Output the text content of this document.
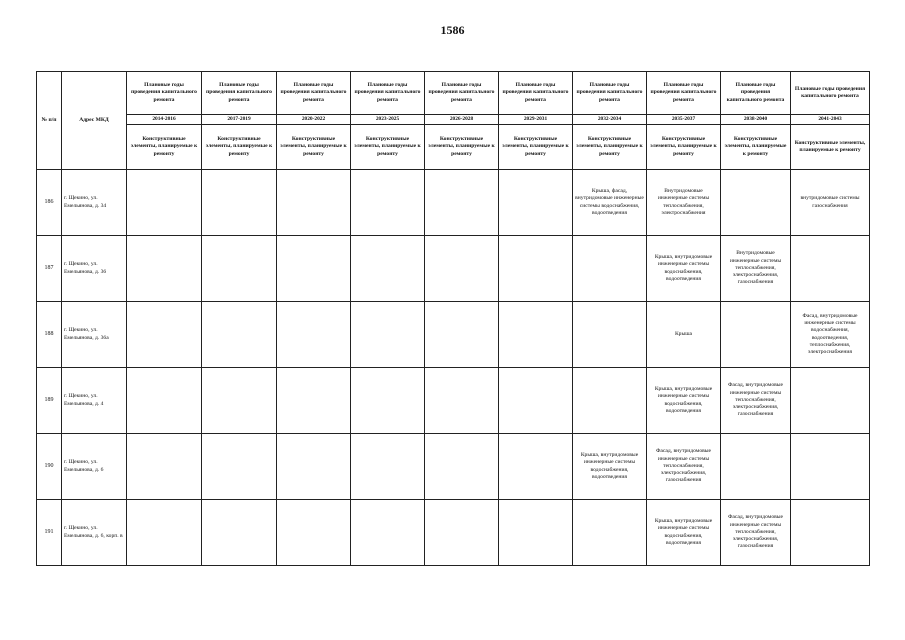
1586
№ п/п	Адрес МКД	Плановые годы проведения капитального ремонта	Плановые годы проведения капитального ремонта	Плановые годы проведения капитального ремонта	Плановые годы проведения капитального ремонта	Плановые годы проведения капитального ремонта	Плановые годы проведения капитального ремонта	Плановые годы проведения капитального ремонта	Плановые годы проведения капитального ремонта	Плановые годы проведения капитального ремонта	Плановые годы проведения капитального ремонта
		2014-2016	2017-2019	2020-2022	2023-2025	2026-2028	2029-2031	2032-2034	2035-2037	2038-2040	2041-2043
		Конструктивные элементы, планируемые к ремонту	Конструктивные элементы, планируемые к ремонту	Конструктивные элементы, планируемые к ремонту	Конструктивные элементы, планируемые к ремонту	Конструктивные элементы, планируемые к ремонту	Конструктивные элементы, планируемые к ремонту	Конструктивные элементы, планируемые к ремонту	Конструктивные элементы, планируемые к ремонту	Конструктивные элементы, планируемые к ремонту	Конструктивные элементы, планируемые к ремонту
186	г. Щекино, ул. Емельянова, д. 34							Крыша, фасад, внутридомовые инженерные системы водоснабжения, водоотведения	Внутридомовые инженерные системы теплоснабжения, электроснабжения		внутридомовые системы газоснабжения
187	г. Щекино, ул. Емельянова, д. 36								Крыша, внутридомовые инженерные системы водоснабжения, водоотведения	Внутридомовые инженерные системы теплоснабжения, электроснабжения, газоснабжения	
188	г. Щекино, ул. Емельянова, д. 36а								Крыша		Фасад, внутридомовые инженерные системы водоснабжения, водоотведения, теплоснабжения, электроснабжения
189	г. Щекино, ул. Емельянова, д. 4								Крыша, внутридомовые инженерные системы водоснабжения, водоотведения	Фасад, внутридомовые инженерные системы теплоснабжения, электроснабжения, газоснабжения	
190	г. Щекино, ул. Емельянова, д. 6							Крыша, внутридомовые инженерные системы водоснабжения, водоотведения	Фасад, внутридомовые инженерные системы теплоснабжения, электроснабжения, газоснабжения		
191	г. Щекино, ул. Емельянова, д. 6, корп. в								Крыша, внутридомовые инженерные системы водоснабжения, водоотведения	Фасад, внутридомовые инженерные системы теплоснабжения, электроснабжения, газоснабжения	
